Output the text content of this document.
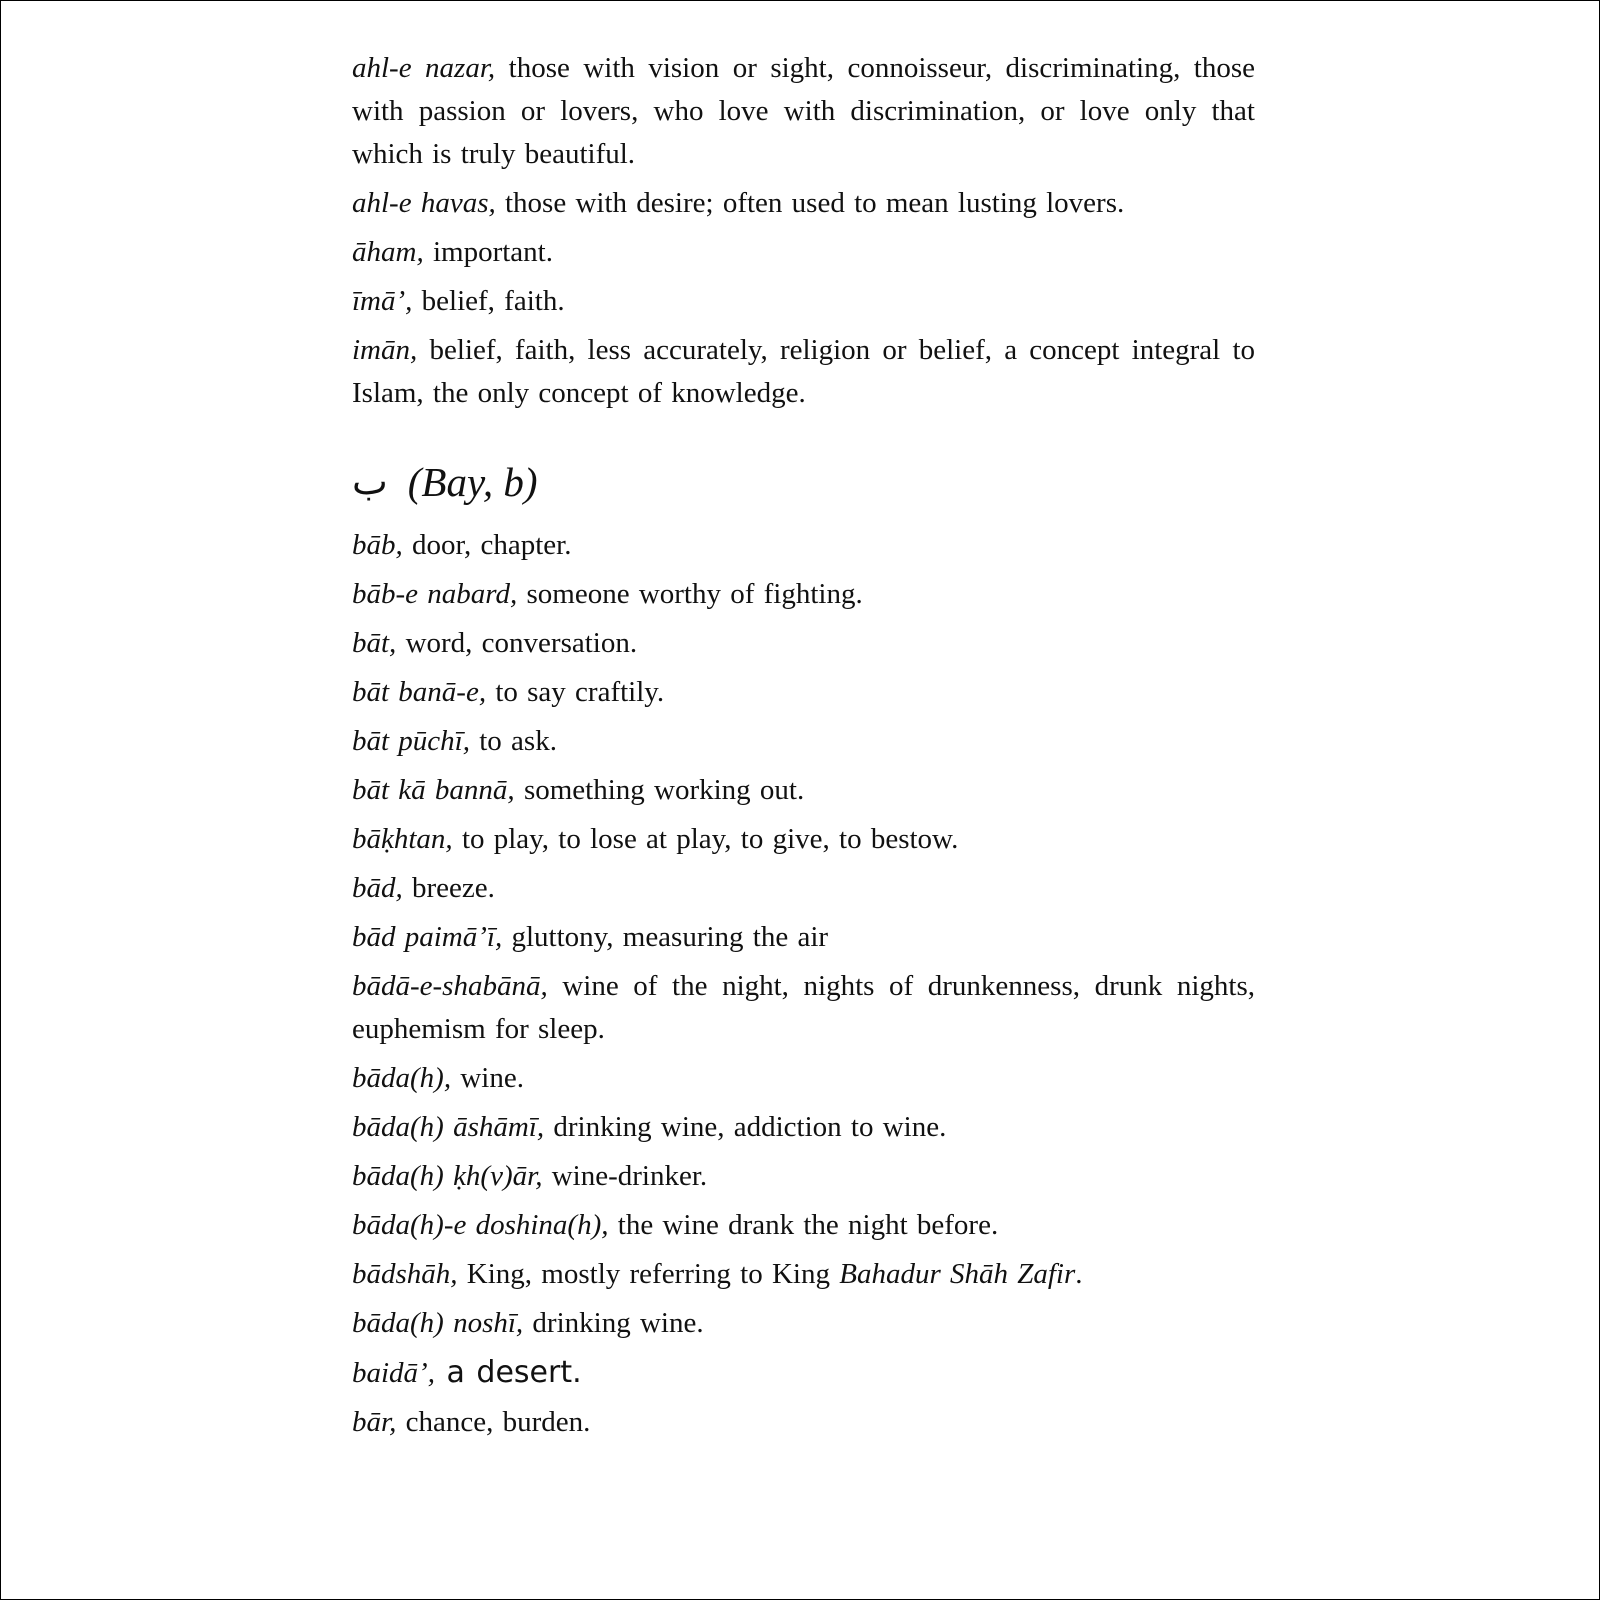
ahl-e nazar, those with vision or sight, connoisseur, discriminating, those with passion or lovers, who love with discrimination, or love only that which is truly beautiful.

ahl-e havas, those with desire; often used to mean lusting lovers.

āham, important.

īmā’, belief, faith.

imān, belief, faith, less accurately, religion or belief, a concept integral to Islam, the only concept of knowledge.

ب (Bay, b)

bāb, door, chapter.

bāb-e nabard, someone worthy of fighting.

bāt, word, conversation.

bāt banā-e, to say craftily.

bāt pūchī, to ask.

bāt kā bannā, something working out.

bāḳhtan, to play, to lose at play, to give, to bestow.

bād, breeze.

bād paimā’ī, gluttony, measuring the air

bādā-e-shabānā, wine of the night, nights of drunkenness, drunk nights, euphemism for sleep.

bāda(h), wine.

bāda(h) āshāmī, drinking wine, addiction to wine.

bāda(h) ḳh(v)ār, wine-drinker.

bāda(h)-e doshina(h), the wine drank the night before.

bādshāh, King, mostly referring to King Bahadur Shāh Zafir.

bāda(h) noshī, drinking wine.

baidā’, a desert.

bār, chance, burden.
